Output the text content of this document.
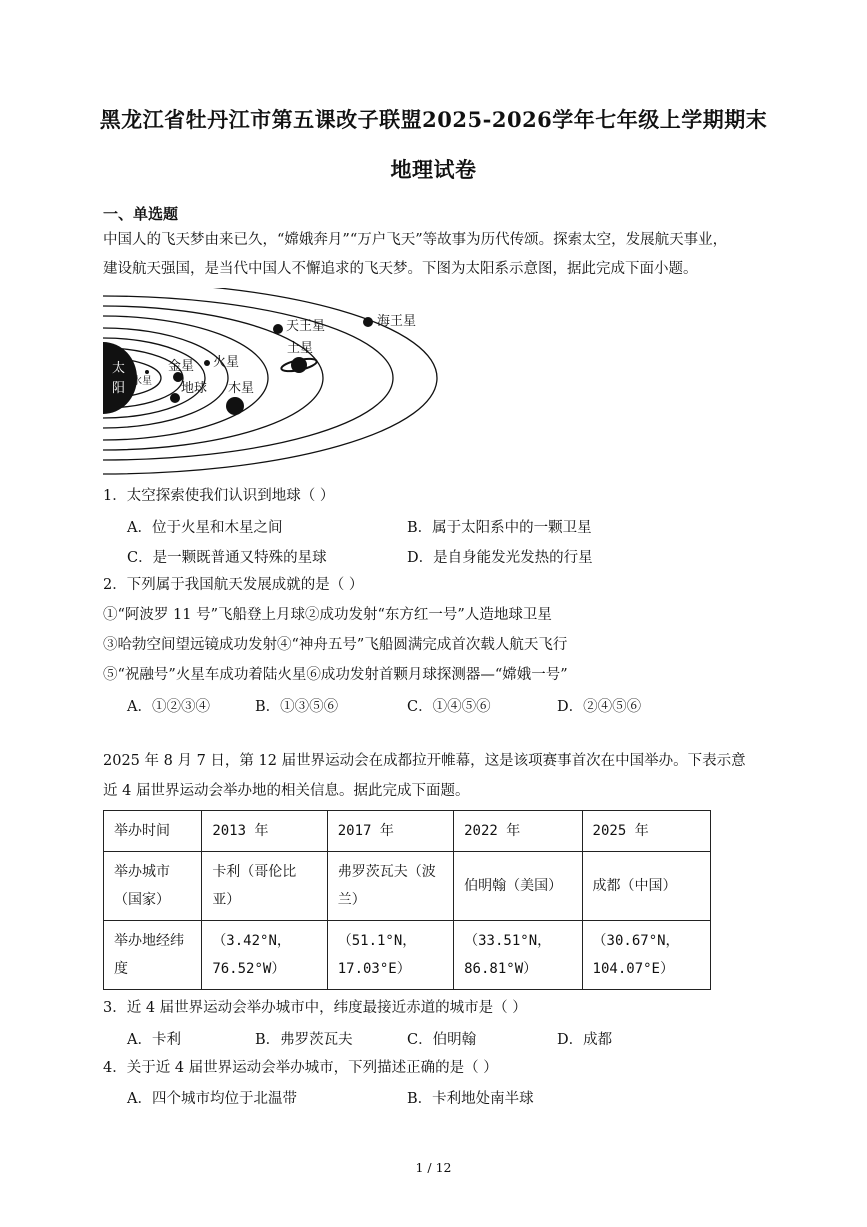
黑龙江省牡丹江市第五课改子联盟2025-2026学年七年级上学期期末
地理试卷
一、单选题
中国人的飞天梦由来已久，“嫦娥奔月”“万户飞天”等故事为历代传颂。探索太空，发展航天事业，
建设航天强国，是当代中国人不懈追求的飞天梦。下图为太阳系示意图，据此完成下面小题。
太
阳 水星
金星
地球
火星
木星
土星
天王星	海王星
1．太空探索使我们认识到地球（ ）
A．位于火星和木星之间	B．属于太阳系中的一颗卫星
C．是一颗既普通又特殊的星球	D．是自身能发光发热的行星
2．下列属于我国航天发展成就的是（ ）
①“阿波罗 11 号”飞船登上月球②成功发射“东方红一号”人造地球卫星
③哈勃空间望远镜成功发射④“神舟五号”飞船圆满完成首次载人航天飞行
⑤“祝融号”火星车成功着陆火星⑥成功发射首颗月球探测器—“嫦娥一号”
A．①②③④	B．①③⑤⑥	C．①④⑤⑥	D．②④⑤⑥
2025 年 8 月 7 日，第 12 届世界运动会在成都拉开帷幕，这是该项赛事首次在中国举办。下表示意
近 4 届世界运动会举办地的相关信息。据此完成下面题。
举办时间	2013 年	2017 年	2022 年	2025 年
举办城市（国家）	卡利（哥伦比亚）	弗罗茨瓦夫（波兰）	伯明翰（美国）	成都（中国）
举办地经纬度	（3.42°N，76.52°W）	（51.1°N，17.03°E）	（33.51°N，86.81°W）	（30.67°N，104.07°E）
3．近 4 届世界运动会举办城市中，纬度最接近赤道的城市是（ ）
A．卡利	B．弗罗茨瓦夫	C．伯明翰	D．成都
4．关于近 4 届世界运动会举办城市，下列描述正确的是（ ）
A．四个城市均位于北温带	B．卡利地处南半球
1 / 12
